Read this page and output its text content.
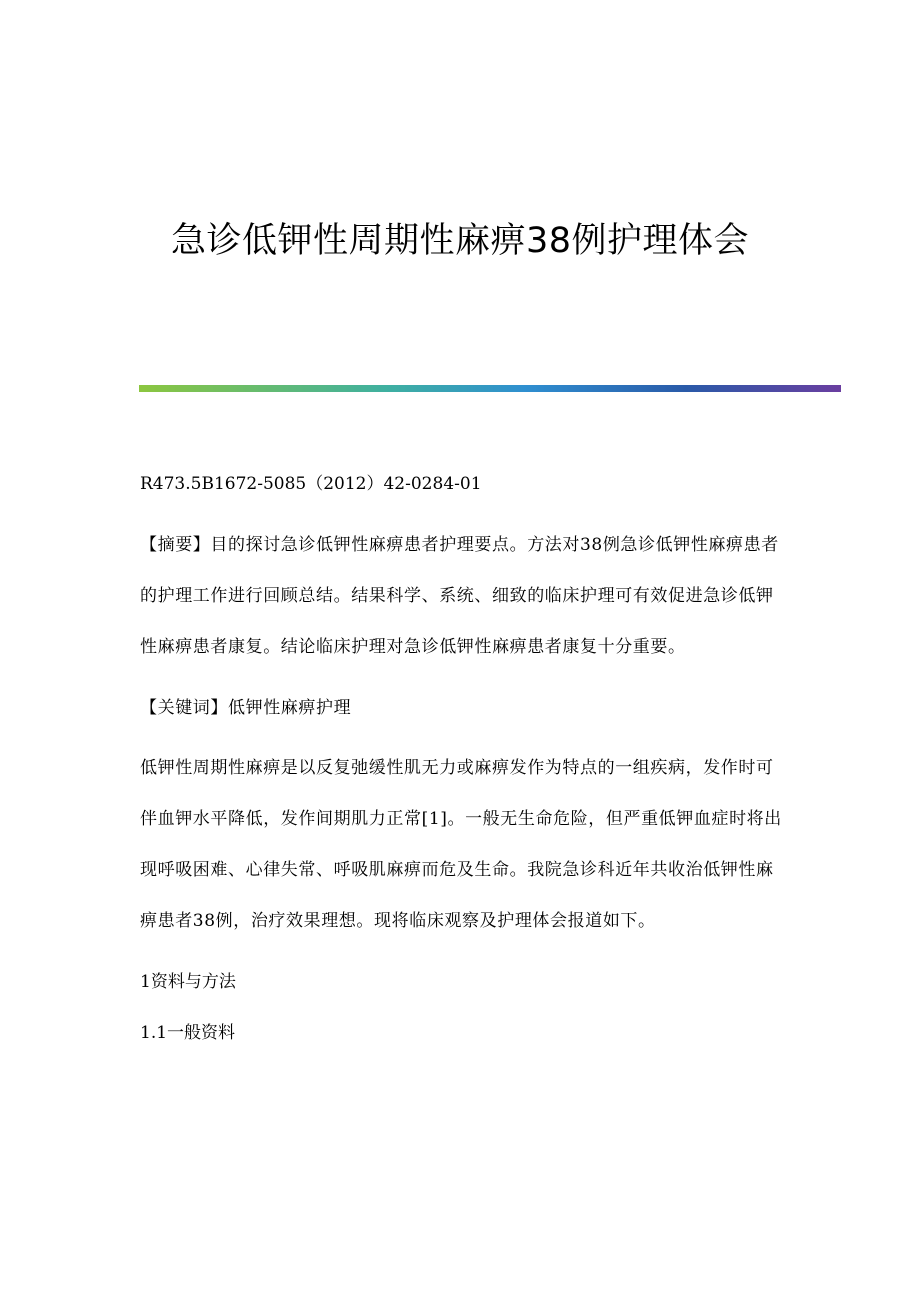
急诊低钾性周期性麻痹38例护理体会

R473.5B1672-5085（2012）42-0284-01

【摘要】目的探讨急诊低钾性麻痹患者护理要点。方法对38例急诊低钾性麻痹患者的护理工作进行回顾总结。结果科学、系统、细致的临床护理可有效促进急诊低钾性麻痹患者康复。结论临床护理对急诊低钾性麻痹患者康复十分重要。

【关键词】低钾性麻痹护理

低钾性周期性麻痹是以反复弛缓性肌无力或麻痹发作为特点的一组疾病，发作时可伴血钾水平降低，发作间期肌力正常[1]。一般无生命危险，但严重低钾血症时将出现呼吸困难、心律失常、呼吸肌麻痹而危及生命。我院急诊科近年共收治低钾性麻痹患者38例，治疗效果理想。现将临床观察及护理体会报道如下。

1资料与方法

1.1一般资料
